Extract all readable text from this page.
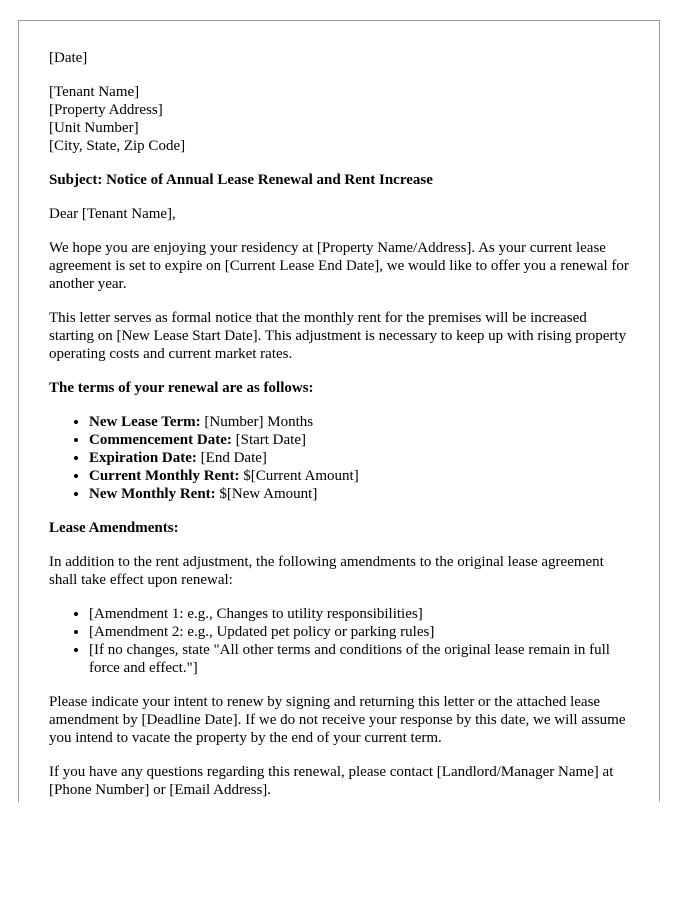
[Date]

[Tenant Name]
[Property Address]
[Unit Number]
[City, State, Zip Code]

Subject: Notice of Annual Lease Renewal and Rent Increase

Dear [Tenant Name],

We hope you are enjoying your residency at [Property Name/Address]. As your current lease agreement is set to expire on [Current Lease End Date], we would like to offer you a renewal for another year.

This letter serves as formal notice that the monthly rent for the premises will be increased starting on [New Lease Start Date]. This adjustment is necessary to keep up with rising property operating costs and current market rates.

The terms of your renewal are as follows:

• New Lease Term: [Number] Months
• Commencement Date: [Start Date]
• Expiration Date: [End Date]
• Current Monthly Rent: $[Current Amount]
• New Monthly Rent: $[New Amount]

Lease Amendments:

In addition to the rent adjustment, the following amendments to the original lease agreement shall take effect upon renewal:

• [Amendment 1: e.g., Changes to utility responsibilities]
• [Amendment 2: e.g., Updated pet policy or parking rules]
• [If no changes, state "All other terms and conditions of the original lease remain in full force and effect."]

Please indicate your intent to renew by signing and returning this letter or the attached lease amendment by [Deadline Date]. If we do not receive your response by this date, we will assume you intend to vacate the property by the end of your current term.

If you have any questions regarding this renewal, please contact [Landlord/Manager Name] at [Phone Number] or [Email Address].
